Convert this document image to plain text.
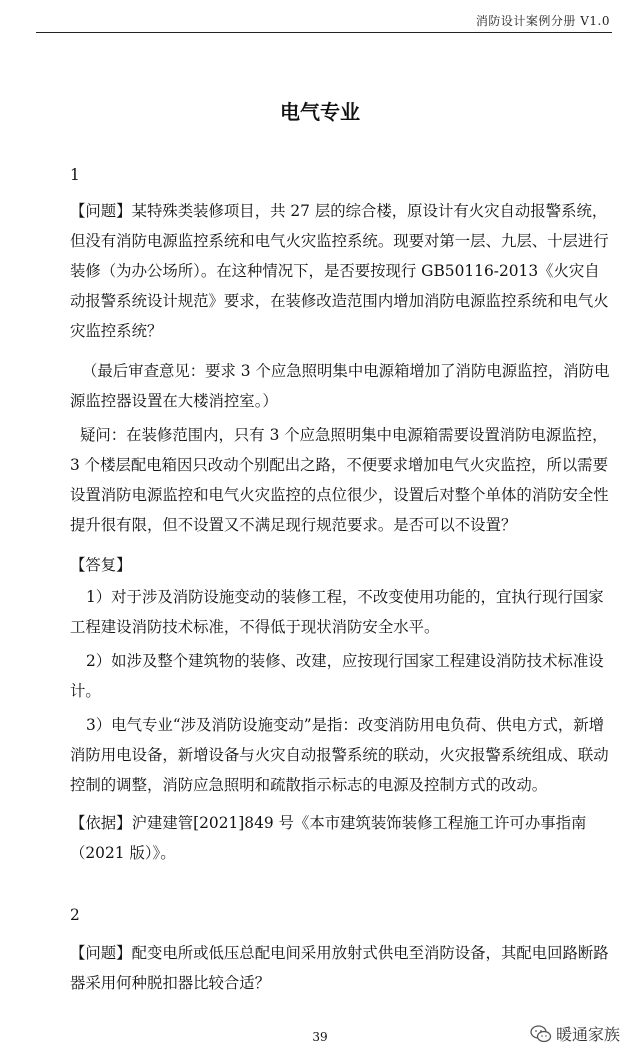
消防设计案例分册 V1.0
电气专业
1

【问题】某特殊类装修项目，共 27 层的综合楼，原设计有火灾自动报警系统，但没有消防电源监控系统和电气火灾监控系统。现要对第一层、九层、十层进行装修（为办公场所）。在这种情况下，是否要按现行 GB50116-2013《火灾自动报警系统设计规范》要求，在装修改造范围内增加消防电源监控系统和电气火灾监控系统？

（最后审查意见：要求 3 个应急照明集中电源箱增加了消防电源监控，消防电源监控器设置在大楼消控室。）

疑问：在装修范围内，只有 3 个应急照明集中电源箱需要设置消防电源监控，3 个楼层配电箱因只改动个别配出之路，不便要求增加电气火灾监控，所以需要设置消防电源监控和电气火灾监控的点位很少，设置后对整个单体的消防安全性提升很有限，但不设置又不满足现行规范要求。是否可以不设置？

【答复】

1）对于涉及消防设施变动的装修工程，不改变使用功能的，宜执行现行国家工程建设消防技术标准，不得低于现状消防安全水平。

2）如涉及整个建筑物的装修、改建，应按现行国家工程建设消防技术标准设计。

3）电气专业“涉及消防设施变动”是指：改变消防用电负荷、供电方式，新增消防用电设备，新增设备与火灾自动报警系统的联动，火灾报警系统组成、联动控制的调整，消防应急照明和疏散指示标志的电源及控制方式的改动。

【依据】沪建建管[2021]849 号《本市建筑装饰装修工程施工许可办事指南（2021 版）》。

2

【问题】配变电所或低压总配电间采用放射式供电至消防设备，其配电回路断路器采用何种脱扣器比较合适？

39	暖通家族
